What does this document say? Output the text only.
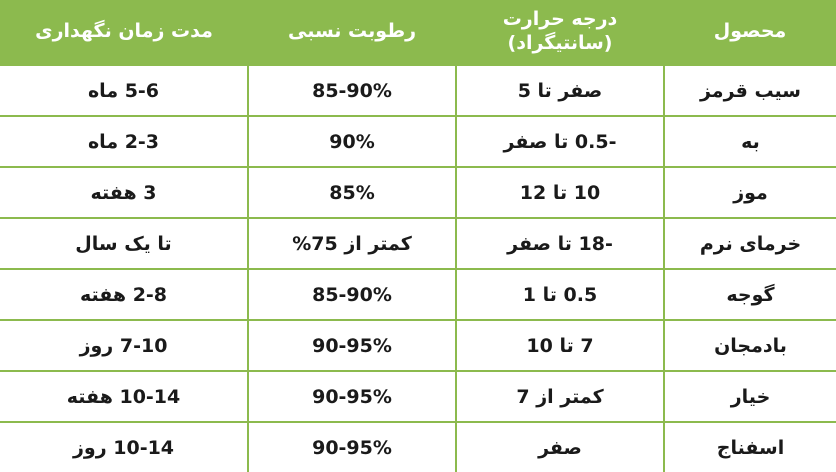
محصول	درجه حرارت (سانتیگراد)	رطوبت نسبی	مدت زمان نگهداری
سیب قرمز	صفر تا 5	85-90%	5-6 ماه
به	-0.5 تا صفر	90%	2-3 ماه
موز	10 تا 12	85%	3 هفته
خرمای نرم	-18 تا صفر	کمتر از 75%	تا یک سال
گوجه	0.5 تا 1	85-90%	2-8 هفته
بادمجان	7 تا 10	90-95%	7-10 روز
خیار	کمتر از 7	90-95%	10-14 هفته
اسفناج	صفر	90-95%	10-14 روز
